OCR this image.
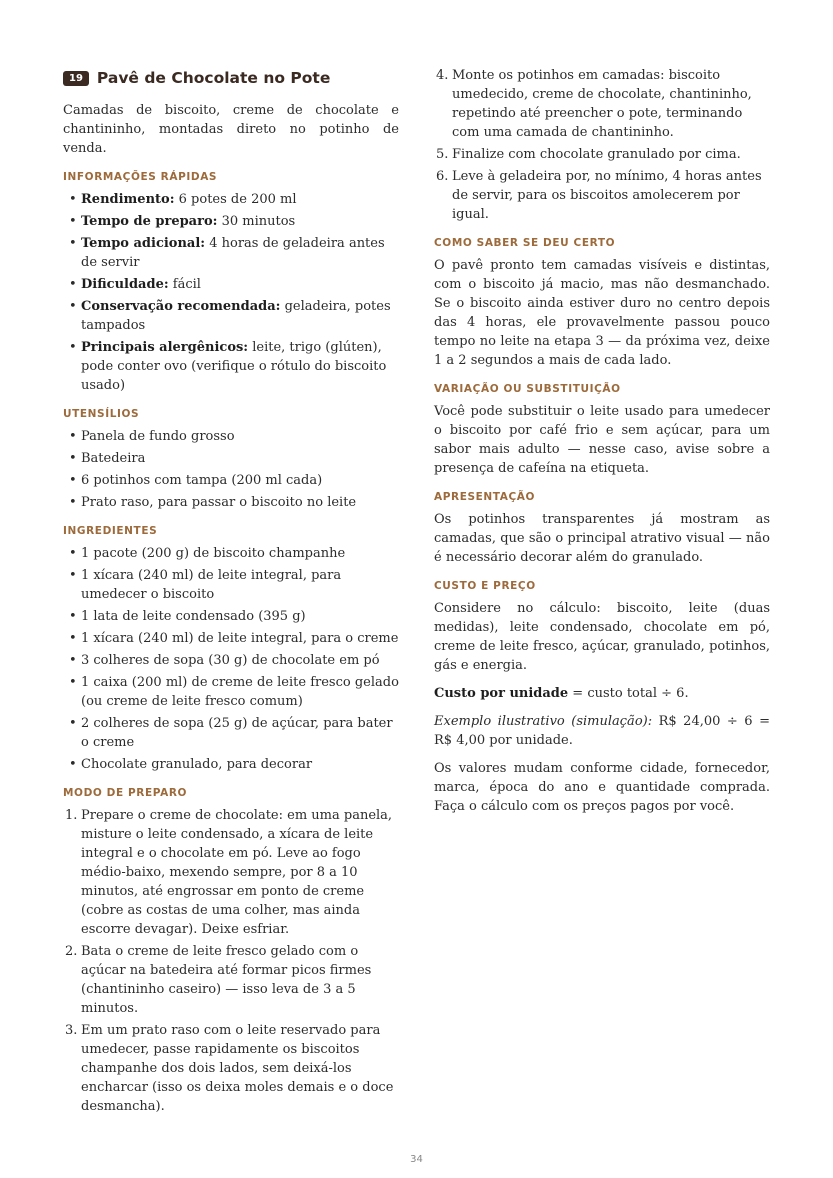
19 Pavê de Chocolate no Pote

Camadas de biscoito, creme de chocolate e chantininho, montadas direto no potinho de venda.

INFORMAÇÕES RÁPIDAS
• Rendimento: 6 potes de 200 ml
• Tempo de preparo: 30 minutos
• Tempo adicional: 4 horas de geladeira antes de servir
• Dificuldade: fácil
• Conservação recomendada: geladeira, potes tampados
• Principais alergênicos: leite, trigo (glúten), pode conter ovo (verifique o rótulo do biscoito usado)
UTENSÍLIOS
• Panela de fundo grosso
• Batedeira
• 6 potinhos com tampa (200 ml cada)
• Prato raso, para passar o biscoito no leite
INGREDIENTES
• 1 pacote (200 g) de biscoito champanhe
• 1 xícara (240 ml) de leite integral, para umedecer o biscoito
• 1 lata de leite condensado (395 g)
• 1 xícara (240 ml) de leite integral, para o creme
• 3 colheres de sopa (30 g) de chocolate em pó
• 1 caixa (200 ml) de creme de leite fresco gelado (ou creme de leite fresco comum)
• 2 colheres de sopa (25 g) de açúcar, para bater o creme
• Chocolate granulado, para decorar
MODO DE PREPARO
1. Prepare o creme de chocolate: em uma panela, misture o leite condensado, a xícara de leite integral e o chocolate em pó. Leve ao fogo médio-baixo, mexendo sempre, por 8 a 10 minutos, até engrossar em ponto de creme (cobre as costas de uma colher, mas ainda escorre devagar). Deixe esfriar.
2. Bata o creme de leite fresco gelado com o açúcar na batedeira até formar picos firmes (chantininho caseiro) — isso leva de 3 a 5 minutos.
3. Em um prato raso com o leite reservado para umedecer, passe rapidamente os biscoitos champanhe dos dois lados, sem deixá-los encharcar (isso os deixa moles demais e o doce desmancha).
4. Monte os potinhos em camadas: biscoito umedecido, creme de chocolate, chantininho, repetindo até preencher o pote, terminando com uma camada de chantininho.
5. Finalize com chocolate granulado por cima.
6. Leve à geladeira por, no mínimo, 4 horas antes de servir, para os biscoitos amolecerem por igual.
COMO SABER SE DEU CERTO

O pavê pronto tem camadas visíveis e distintas, com o biscoito já macio, mas não desmanchado. Se o biscoito ainda estiver duro no centro depois das 4 horas, ele provavelmente passou pouco tempo no leite na etapa 3 — da próxima vez, deixe 1 a 2 segundos a mais de cada lado.

VARIAÇÃO OU SUBSTITUIÇÃO

Você pode substituir o leite usado para umedecer o biscoito por café frio e sem açúcar, para um sabor mais adulto — nesse caso, avise sobre a presença de cafeína na etiqueta.

APRESENTAÇÃO

Os potinhos transparentes já mostram as camadas, que são o principal atrativo visual — não é necessário decorar além do granulado.

CUSTO E PREÇO

Considere no cálculo: biscoito, leite (duas medidas), leite condensado, chocolate em pó, creme de leite fresco, açúcar, granulado, potinhos, gás e energia.

Custo por unidade = custo total ÷ 6.

Exemplo ilustrativo (simulação): R$ 24,00 ÷ 6 = R$ 4,00 por unidade.

Os valores mudam conforme cidade, fornecedor, marca, época do ano e quantidade comprada. Faça o cálculo com os preços pagos por você.

34
